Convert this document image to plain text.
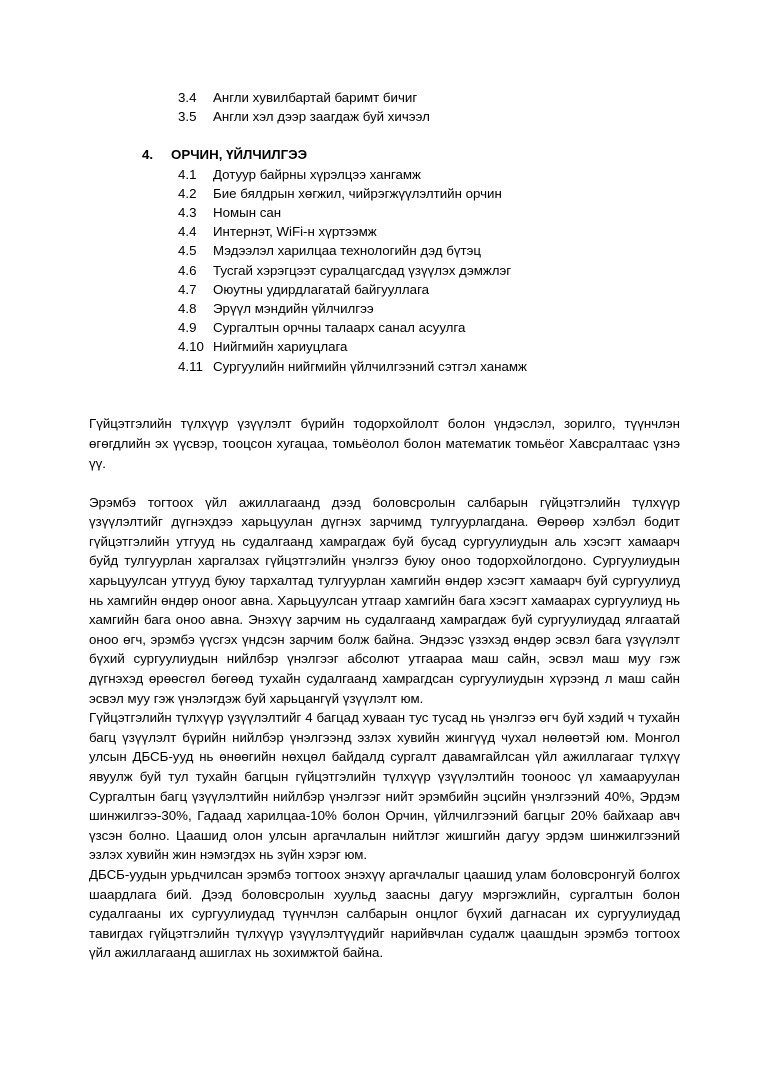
3.4	Англи хувилбартай баримт бичиг
3.5	Англи хэл дээр заагдаж буй хичээл
4.	ОРЧИН, ҮЙЛЧИЛГЭЭ
4.1	Дотуур байрны хүрэлцээ хангамж
4.2	Бие бялдрын хөгжил, чийрэгжүүлэлтийн орчин
4.3	Номын сан
4.4	Интернэт, WiFi-н хүртээмж
4.5	Мэдээлэл харилцаа технологийн дэд бүтэц
4.6	Тусгай хэрэгцээт суралцагсдад үзүүлэх дэмжлэг
4.7	Оюутны удирдлагатай байгууллага
4.8	Эрүүл мэндийн үйлчилгээ
4.9	Сургалтын орчны талаарх санал асуулга
4.10 Нийгмийн хариуцлага
4.11 Сургуулийн нийгмийн үйлчилгээний сэтгэл ханамж

Гүйцэтгэлийн түлхүүр үзүүлэлт бүрийн тодорхойлолт болон үндэслэл, зорилго, түүнчлэн өгөгдлийн эх үүсвэр, тооцсон хугацаа, томьёолол болон математик томьёог Хавсралтаас үзнэ үү.

Эрэмбэ тогтоох үйл ажиллагаанд дээд боловсролын салбарын гүйцэтгэлийн түлхүүр үзүүлэлтийг дүгнэхдээ харьцуулан дүгнэх зарчимд тулгуурлагдана. Өөрөөр хэлбэл бодит гүйцэтгэлийн утгууд нь судалгаанд хамрагдаж буй бусад сургуулиудын аль хэсэгт хамаарч буйд тулгуурлан харгалзах гүйцэтгэлийн үнэлгээ буюу оноо тодорхойлогдоно. Сургуулиудын харьцуулсан утгууд буюу тархалтад тулгуурлан хамгийн өндөр хэсэгт хамаарч буй сургуулиуд нь хамгийн өндөр оноог авна. Харьцуулсан утгаар хамгийн бага хэсэгт хамаарах сургуулиуд нь хамгийн бага оноо авна. Энэхүү зарчим нь судалгаанд хамрагдаж буй сургуулиудад ялгаатай оноо өгч, эрэмбэ үүсгэх үндсэн зарчим болж байна. Эндээс үзэхэд өндөр эсвэл бага үзүүлэлт бүхий сургуулиудын нийлбэр үнэлгээг абсолют утгаараа маш сайн, эсвэл маш муу гэж дүгнэхэд өрөөсгөл бөгөөд тухайн судалгаанд хамрагдсан сургуулиудын хүрээнд л маш сайн эсвэл муу гэж үнэлэгдэж буй харьцангүй үзүүлэлт юм.

Гүйцэтгэлийн түлхүүр үзүүлэлтийг 4 багцад хуваан тус тусад нь үнэлгээ өгч буй хэдий ч тухайн багц үзүүлэлт бүрийн нийлбэр үнэлгээнд эзлэх хувийн жингүүд чухал нөлөөтэй юм. Монгол улсын ДБСБ-ууд нь өнөөгийн нөхцөл байдалд сургалт давамгайлсан үйл ажиллагааг түлхүү явуулж буй тул тухайн багцын гүйцэтгэлийн түлхүүр үзүүлэлтийн тооноос үл хамааруулан Сургалтын багц үзүүлэлтийн нийлбэр үнэлгээг нийт эрэмбийн эцсийн үнэлгээний 40%, Эрдэм шинжилгээ-30%, Гадаад харилцаа-10% болон Орчин, үйлчилгээний багцыг 20% байхаар авч үзсэн болно. Цаашид олон улсын аргачлалын нийтлэг жишгийн дагуу эрдэм шинжилгээний эзлэх хувийн жин нэмэгдэх нь зүйн хэрэг юм.

ДБСБ-уудын урьдчилсан эрэмбэ тогтоох энэхүү аргачлалыг цаашид улам боловсронгуй болгох шаардлага бий. Дээд боловсролын хуульд заасны дагуу мэргэжлийн, сургалтын болон судалгааны их сургуулиудад түүнчлэн салбарын онцлог бүхий дагнасан их сургуулиудад тавигдах гүйцэтгэлийн түлхүүр үзүүлэлтүүдийг нарийвчлан судалж цаашдын эрэмбэ тогтоох үйл ажиллагаанд ашиглах нь зохимжтой байна.
